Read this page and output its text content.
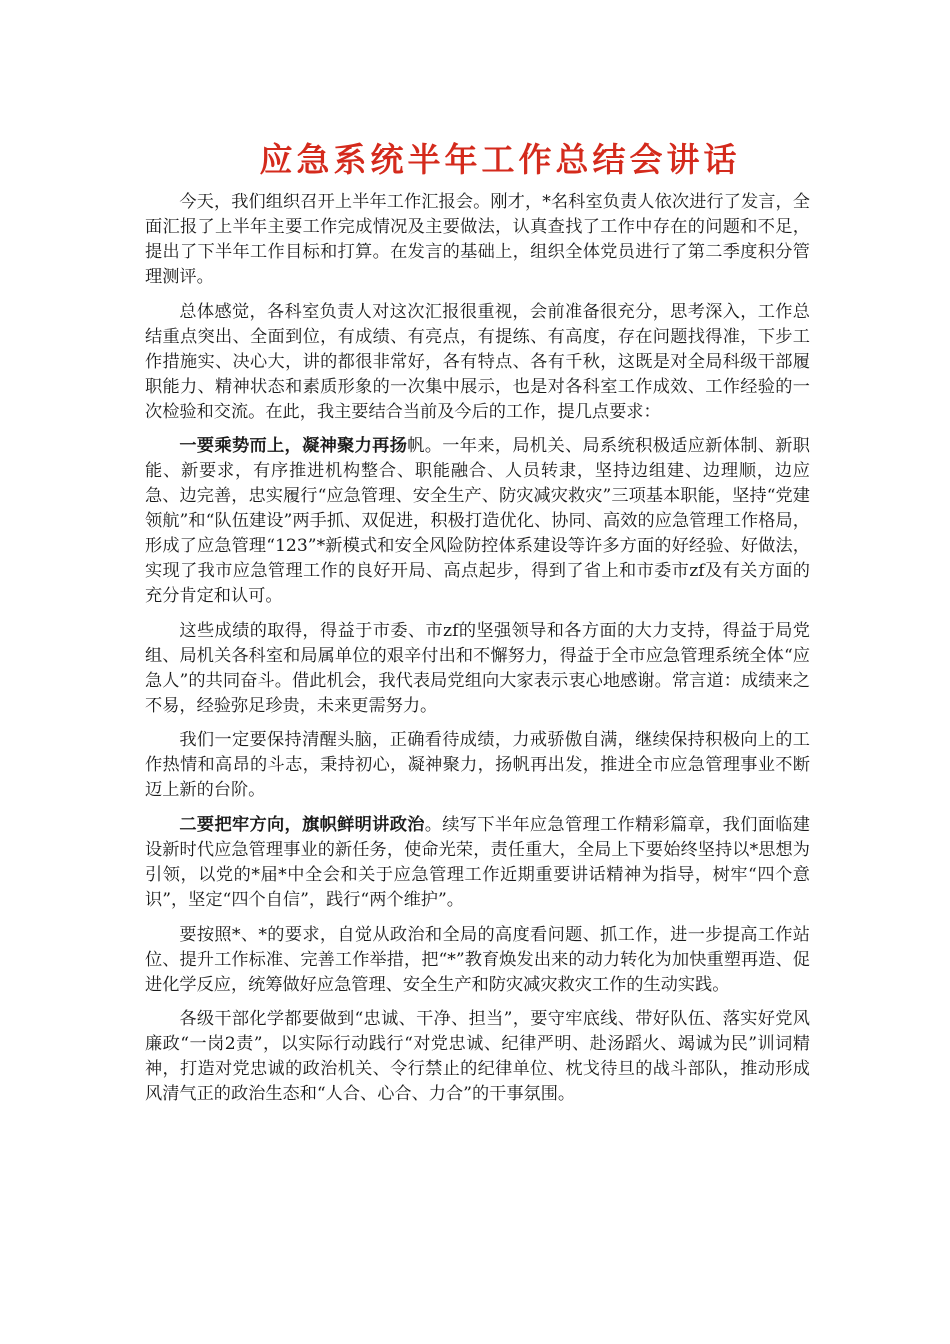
应急系统半年工作总结会讲话

今天，我们组织召开上半年工作汇报会。刚才，*名科室负责人依次进行了发言，全面汇报了上半年主要工作完成情况及主要做法，认真查找了工作中存在的问题和不足，提出了下半年工作目标和打算。在发言的基础上，组织全体党员进行了第二季度积分管理测评。

总体感觉，各科室负责人对这次汇报很重视，会前准备很充分，思考深入，工作总结重点突出、全面到位，有成绩、有亮点，有提练、有高度，存在问题找得准，下步工作措施实、决心大，讲的都很非常好，各有特点、各有千秋，这既是对全局科级干部履职能力、精神状态和素质形象的一次集中展示，也是对各科室工作成效、工作经验的一次检验和交流。在此，我主要结合当前及今后的工作，提几点要求：

一要乘势而上，凝神聚力再扬帆。一年来，局机关、局系统积极适应新体制、新职能、新要求，有序推进机构整合、职能融合、人员转隶，坚持边组建、边理顺，边应急、边完善，忠实履行“应急管理、安全生产、防灾减灾救灾”三项基本职能，坚持“党建领航”和“队伍建设”两手抓、双促进，积极打造优化、协同、高效的应急管理工作格局，形成了应急管理“123”*新模式和安全风险防控体系建设等许多方面的好经验、好做法，实现了我市应急管理工作的良好开局、高点起步，得到了省上和市委市zf及有关方面的充分肯定和认可。

这些成绩的取得，得益于市委、市zf的坚强领导和各方面的大力支持，得益于局党组、局机关各科室和局属单位的艰辛付出和不懈努力，得益于全市应急管理系统全体“应急人”的共同奋斗。借此机会，我代表局党组向大家表示衷心地感谢。常言道：成绩来之不易，经验弥足珍贵，未来更需努力。

我们一定要保持清醒头脑，正确看待成绩，力戒骄傲自满，继续保持积极向上的工作热情和高昂的斗志，秉持初心，凝神聚力，扬帆再出发，推进全市应急管理事业不断迈上新的台阶。

二要把牢方向，旗帜鲜明讲政治。续写下半年应急管理工作精彩篇章，我们面临建设新时代应急管理事业的新任务，使命光荣，责任重大，全局上下要始终坚持以*思想为引领，以党的*届*中全会和关于应急管理工作近期重要讲话精神为指导，树牢“四个意识”，坚定“四个自信”，践行“两个维护”。

要按照*、*的要求，自觉从政治和全局的高度看问题、抓工作，进一步提高工作站位、提升工作标准、完善工作举措，把“*”教育焕发出来的动力转化为加快重塑再造、促进化学反应，统筹做好应急管理、安全生产和防灾减灾救灾工作的生动实践。

各级干部化学都要做到“忠诚、干净、担当”，要守牢底线、带好队伍、落实好党风廉政“一岗2责”，以实际行动践行“对党忠诚、纪律严明、赴汤蹈火、竭诚为民”训词精神，打造对党忠诚的政治机关、令行禁止的纪律单位、枕戈待旦的战斗部队，推动形成风清气正的政治生态和“人合、心合、力合”的干事氛围。
